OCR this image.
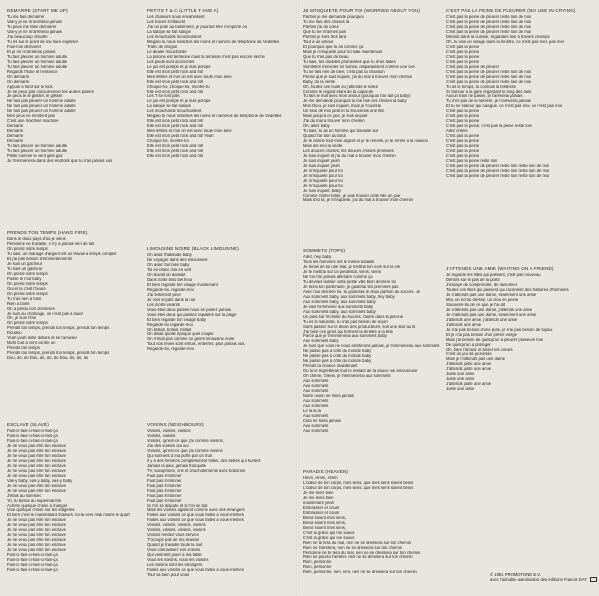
DEMARRE (START ME UP)
Tu me fais démarrer
Vas-y je ne m'arrêterai jamais
Tu peux me faire démarrer
Vas-y je ne m'arrêterai jamais
J'ai beaucoup chauffé
Tu es sur le point de me faire exploser
Fais-moi démarrer
Et je ne m'arrêterai jamais
Tu fais pleurer un homme adulte
Tu fais pleurer un homme adulte
Tu fais pleurer un homme adulte
Regards l'huile et l'essence
On démarre
On démarre
Appuie à fond sur le kick
Je ne peux pas concurrencer tes autres pilotes
Je peux te le glisser, le glisser
Ne fais pas pleurer un homme adulte
Ne fais pas pleurer un homme adulte
Ne fais pas pleurer un homme adulte
Mes yeux ne mentent pas
C'est une machine machine
Démarre
Démarre
Démarre
Démarre
Tu fais pleurer un homme adulte
Tu fais pleurer un homme adulte
Pilote comme le vent gilet gaz
Je t'emmènerai dans des endroits que tu n'as jamais vus
PRENDS TON TEMPS (HANG FIRE)
Dans le doux pays d'où je viens
Personne ne travaille, il n'y a jamais rien de fait
On prend notre temps
Tu sais, un mariage d'argent est un travail à temps complet
Et j'ai pas besoin d'emmerdements
Je suis un gâcheur
Tu sais un gâcheur
On prend notre temps
Pusse le mot baby
On prend notre temps
Oui et la c'est l'heure
On prend notre temps
Tu n'as rien à faire
Rien à boire
On a perdu nos chemises
Je suis au chômage, on n'est pas à louer
Oh, je suis l'Oui
On prend notre temps
Prends ton temps, prends ton temps, prends ton temps
Doudou
Yeah yeah mille dollars et se l'amuser
Mets tout à cent contre un
Prends ton temps
Prends ton temps, prends ton temps, prends ton temps
Dou, do, do Dou, do, do, do Dou, do, do, do
ESCLAVE (SLAVE)
Fais-ci-fais-ci-fais-ci-fais-ça
Fais-ci-fais-ci-fais-ci-fais-ça
Fais-ci-fais-ci-fais-ci-fais-ça
Je ne veux pas être ton esclave
Je ne veux pas être ton esclave
Je ne veux pas être ton esclave
Je ne veux pas être ton esclave
Je ne veux pas être ton esclave
Je ne veux pas être ton esclave
Je ne veux pas être ton esclave
Vas-y baby, vas-y baby, vas-y baby
Je ne veux pas être ton esclave
Je ne veux pas être ton esclave
J'étais au sommet
Yo, tu bosse au supermarché
Achète quelque chose à manger
Voie quelque chose sur les étagères
Et bien c'est le manifestant d'ateurs, toi-là vers midi moins le quart
Je ne veux pas être ton esclave
Je ne veux pas être ton esclave
Je ne veux pas être ton esclave
Je ne veux pas être ton esclave
Je ne veux pas être ton esclave
Je ne veux pas être ton esclave
Je ne veux pas être ton esclave
Fais-ci-fais-ci-fais-ci-fais-ça
Fais-ci-fais-ci-fais-ci-fais-ça
Fais-ci-fais-ci-fais-ci-fais-ça
Fais-ci-fais-ci-fais-ci-fais-ça
PETITS T & C (LITTLE T AND A)
Les chaleurs nous envahissent
Les traces s'effacent
J'ai un pote au basement, je pourrait être n'importe où
La salope se fait salope
Les mouchards mouchardent
Mégalo tu nous relâches les noms et numéro de téléphone de Vedettes
Trafic de drogue
Le dealer mouchardé
La piscine est terminée mais la terrasse n'est pas encore sèche
Les pieds sont accrochés
Le jus est pompé et je suis pompé
Elle est mon petit rock and roll
Mes lettres et moi on est avec toute mon âme
Elle est mon petit rock and roll
Choque-toi, choque-toi, montre-tu
Elle est mon petit rock and roll
Les T se font jolis
Le jus est pompé et je suis pompé
La salope se fait salope
Les mouchards mouchardent
Mégalo tu nous relâches les noms et numéros de téléphone de Vedettes
Elle est mon petit rock and roll
Elle est mon petit rock and roll
Mes lettres et moi on est avec toute mon âme
Elle est mon petit rock and roll Yeah
Choque-toi, montre-toi
Elle est mon petit rock and roll
Elle est mon petit rock and roll
Elle est mon petit rock and roll
LIMOUSINE NOIRE (BLACK LIMOUSINE)
On avait l'habitude baby
De voyager dans des limousines
On avait l'air bien baby
Toi en blanc moi en vert
On buvait on dansait
Dans notre limo bel fleur
Et bien regarde ton visage maintenant
Regarde-toi, regarde-moi
J'ai tellement peur
Je vois voyant dans la rue
Les morts-vivants
Vous êtes deux pareils nous se parlez jamais
Vous êtes deux qui passez rapidités sur la plage
Et bien regarde ton visage baby
Regarde-toi regarde-moi
On brillait, brillait, brillait
On disait quelle époque quel couple
On n'était pas comme ce genre limousine noire
Tout nos rêves sont enfuis, enterrés, plus jamais vus,
Regarde-toi, regarde-moi
VOISINS (NEIGHBOURS)
Voisins, voisins, voisins
Voisins, voisins
Voisins, qu'est-ce que j'ai comme voisins,
J'ai des voisins oui oui
Voisins, qu'est-ce que j'ai comme voisins
Qui sonnent à ma porte par un mal
Il y a des femmes complètement folles, des bébés qui hurlent
Jamais la paix, jamais tranquille
TV, saxophone, cris et chuchotements avec bobonne
Faut pas s'étonner
Faut pas s'étonner
Faut pas s'étonner
Faut pas s'étonner
Faut pas s'étonner
Faut pas s'étonner
Si l'on se dispute et si l'on se bat
Mais les voisins agissent comme avec des étrangers
Faites aux voisins ce que vous faites à vous-mêmes
Faites aux voisins ce que vous faites à vous-mêmes
Voisins, voisins, voisins, voisins
Voisins, voisins, voisins, voisins
Voisins rendez-vous service
T'occupe pas de ma maison
Quand je travaille toute la nuit
Vous connaissez vos voisins
Qui viennent jouer à ma table
Vous les voisins, vous les voisins
Les voisins sont les étrangers
Faites aux voisins ce que vous faites à vous-mêmes
Tout va bien pour vous
JE M'INQUIETE POUR TOI (WORRIED ABOUT YOU)
Parfois je me demande pourquoi
Tu me fais des choses là
Parfois j'ai du cœur
Que tu ne m'aimes pas
Parfois je sors très tard
Tout à un amour
Et pourquoi que tu as comme ça
Mais je m'inquiète pour toi sale maintenant
Que tu n'as pas de beau
Tu sais, tes doubles promesses que tu m'as faites
Semblent s'envoler en fumée, disparaissent comme une ciel
Tu ne fais rien de bien, c'est pas ta chanson
Pense que je suis inquiet, j'ai du mal à trouver mon chemin
Baby, do la vérité
Oh, toutes ces nuits où j'attends le soleil
Comme le regard étant de ta capacité
Tu fais le mal avec mon amour (pourquoi t'as fait ça baby)
Je me demande pourquoi tu me fais ces choses là baby
Mon Dieu, je suis inquiet, mais je t'ouvrirai
Un seul de moi petit et tu trouverais une fille
Mais jusqu'à ce jour, je suis inquiet
J'ai du mal à trouver mon chemin
Oh, allez baby
Tu sais, tu as un homme qui travaille dur
Quand t'ar bon au bout
Je te donne tout mon argent et je te remets, je te rentre à la maison
Mais dis-moi la vérité
Les douces choses, les douces choses promises
Je suis inquiet et j'ai du mal à trouver mon chemin
Je suis inquiet yeah
Je suis inquiet yeah
Je m'inquiète pour toi
Je m'inquiète pour toi
Je m'inquiète pour toi
Je m'inquiète pour toi
Je suis inquiet, baby
Comme l'enfer brûle, je vais trouver cette fille un jour
Mais d'ici là, je m'inquiète, j'ai du mal à trouver mon chemin
SOMMETS (TOPS)
Allez, hey baby
Tous les hommes ont le même bataille
Je ferais de toi une star, je mettrai ton nom sur la clé
Je te mettrai sur un piédestal, viens, viens
Ne t'ai l'on jamais attendre comme ça
Tu devrais laisser cette petite ville bien derrière toi
Je serai ton partenaire, je guiderai tes premiers pas
Avec moi derrière toi, tu goûteras le doux parfum du succès. Je
Aux sommets baby, aux sommets baby, hey baby
Aux sommets baby, aux sommets baby
Je vais t'emmener aux sommets baby
Aux sommets baby, aux sommets baby
Un pied sur l'échelle du succès, l'autre dans la piscine
Tu es si naturelle, tu n'as pas besoin de leçon
Sans passer sur le divan des producteurs, soit une star au lit
J'ai bien ces gens qui ferment la fenêtre à la tête
Parce que je t'emmènerai aux sommets baby
Aux sommets baby
Je suis que vous ne nous arrêterons jamais, je t'emmènerai aux sommets
Ne passe pas à côté du monde baby
Ne passe pas à côté du monde baby
Ne passe pas à côté du monde baby
Prends ta chance maintenant
Ou tu le regretteras tout le restant de ta douce vie amoureuse
Oh chérie, chérie, je t'emmènerai aux sommets
Aux sommets
Aux sommets
Aux sommets
Notre union ne finira jamais
Aux sommets
Aux sommets
Le la la la
Aux sommets
Cela ne finira jamais
Aux sommets
Aux sommets
PARADIS (HEAVEN)
Hmm, Hmm, Hmm
L'odeur de ton corps, mes sens, que mes sens soient bénis
L'odeur de ton corps, mes sens, que mes sens soient bénis
Je me sens bien
Je me sens bien
maintenant yeah
Embrasser et courir
Embrasser et courir
Bénis soient mes sens,
Bénis soient mes sens,
Bénis soient mes sens,
C'est la grâce qui me sauve
C'est la grâce qui me sauve
Rien ne te fera du mal, rien ne se dressera sur ton chemin
Rien ne t'arrêtera, rien ne se dressera sur ton chemin
Personne ne te fera du mal, rien ne se dressera sur ton chemin
Rien ne pourra t'arrêter, rien ne se dressera sur ton chemin
Rien, personne
Rien, personne
Rien, personne, rien, rien, rien ne se dressera sur ton chemin
C'EST PAS LA PEINE DE PLEURER (NO USE IN CRYING)
C'est pas la peine de pleurer reste loin de moi
C'est pas la peine de pleurer reste loin de moi
C'est pas la peine de pleurer reste loin de moi
C'est pas la peine de pleurer reste loin de moi
Debout dans la cuisine, regardant loin à travers champs
Oh, tu vois un visage dans la fenêtre, ce n'est pas réel, pas réel
C'est pas la peine
C'est pas la peine
C'est pas la peine
C'est pas la peine
C'est pas la peine de pleurer
C'est pas la peine de pleurer reste loin de moi
C'est pas la peine de pleurer reste loin de moi
C'est pas la peine de pleurer reste loin de moi
Tu as le temps, tu connais la tristesse
Si l'amour à la gare regardant le long des rails
Aucun train ne passe, je t'arriverai jamais
Tu n'es pas de la lumière, je n'arriverai jamais
Et tu ne sabour qui navigue, ce n'est pas moi, ce n'est pas moi
C'est pas la peine
C'est pas la peine
C'est pas la peine
C'est pas la peine, c'est pas la peine reste loin
Allez chérie
C'est pas la peine
C'est pas la peine
C'est pas la peine
C'est pas la peine
C'est pas la peine
C'est pas la peine reste loin
C'est pas la peine de pleurer reste loin reste loin de moi
C'est pas la peine de pleurer reste loin reste loin de moi
C'est pas la peine de pleurer reste loin reste loin de moi
J'ATTENDS UNE AMIE (WAITING ON A FRIEND)
Je regarde les filles qui passent, c'est pas nouveau
Dehors sur le pas de la porte
J'essaye de comprendre, de raisonner
Toutes ces filles qui passent qui racontent des histoires d'hommes
Je n'attends pas une dame, seulement une amie
Moi, un écrou dressé, un clou en peine
Souviens-toi de ce que je t'ai dit
Je n'attends pas une dame, j'attends une amie
Je n'attends pas une dame, seulement une amie
J'attends une amie, j'attends une amie
J'attends une amie
Je n'ai pas besoin d'une pute, je n'ai pas besoin de bijoux
Et je n'ai pas besoin d'un prêtre vierge
Mais j'ai besoin de quelqu'un à pleurer plusieurs fois
De quelqu'un à protéger
Oh, faire l'amour et briser les cœurs
C'est un jeu de jeunesse
Mais je n'attends pas une dame
J'attends juste une amie
J'attends juste une amie
Juste une amie
Juste une amie
J'attends juste une amie
Juste une amie
© 1981 PROMOTONE B.V.
avec l'aimable autorisation des éditions Francis DAY
